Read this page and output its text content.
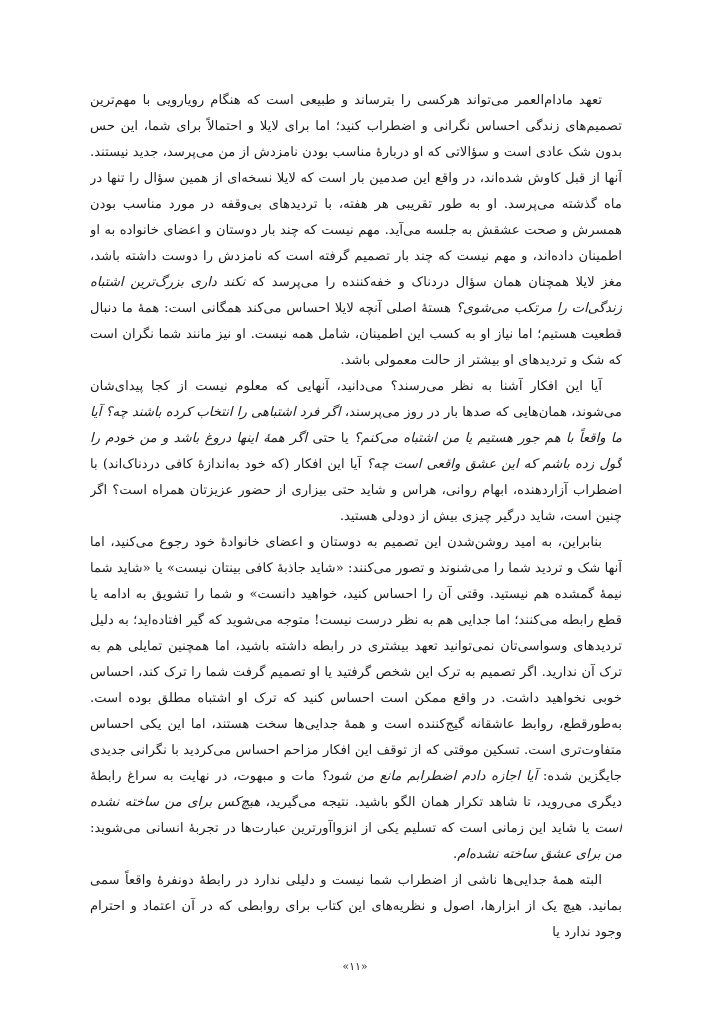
تعهد مادام‌العمر می‌تواند هرکسی را بترساند و طبیعی است که هنگام رویارویی با مهم‌ترین تصمیم‌های زندگی احساس نگرانی و اضطراب کنید؛ اما برای لایلا و احتمالاً برای شما، این حس بدون شک عادی است و سؤالاتی که او دربارهٔ مناسب بودن نامزدش از من می‌پرسد، جدید نیستند. آنها از قبل کاوش شده‌اند، در واقع این صدمین بار است که لایلا نسخه‌ای از همین سؤال را تنها در ماه گذشته می‌پرسد. او به طور تقریبی هر هفته، با تردیدهای بی‌وقفه در مورد مناسب بودن همسرش و صحت عشقش به جلسه می‌آید. مهم نیست که چند بار دوستان و اعضای خانواده به او اطمینان داده‌اند، و مهم نیست که چند بار تصمیم گرفته است که نامزدش را دوست داشته باشد، مغز لایلا همچنان همان سؤال دردناک و خفه‌کننده را می‌پرسد که نکند داری بزرگ‌ترین اشتباه زندگی‌ات را مرتکب می‌شوی؟ هستهٔ اصلی آنچه لایلا احساس می‌کند همگانی است: همهٔ ما دنبال قطعیت هستیم؛ اما نیاز او به کسب این اطمینان، شامل همه نیست. او نیز مانند شما نگران است که شک و تردیدهای او بیشتر از حالت معمولی باشد.

آیا این افکار آشنا به نظر می‌رسند؟ می‌دانید، آنهایی که معلوم نیست از کجا پیدای‌شان می‌شوند، همان‌هایی که صدها بار در روز می‌پرسند، اگر فرد اشتباهی را انتخاب کرده باشند چه؟ آیا ما واقعاً با هم جور هستیم یا من اشتباه می‌کنم؟ یا حتی اگر همهٔ اینها دروغ باشد و من خودم را گول زده باشم که این عشق واقعی است چه؟ آیا این افکار (که خود به‌اندازهٔ کافی دردناک‌اند) با اضطراب آزاردهنده، ابهام روانی، هراس و شاید حتی بیزاری از حضور عزیزتان همراه است؟ اگر چنین است، شاید درگیر چیزی بیش از دودلی هستید.

بنابراین، به امید روشن‌شدن این تصمیم به دوستان و اعضای خانوادهٔ خود رجوع می‌کنید، اما آنها شک و تردید شما را می‌شنوند و تصور می‌کنند: «شاید جاذبهٔ کافی بینتان نیست» یا «شاید شما نیمهٔ گمشده هم نیستید. وقتی آن را احساس کنید، خواهید دانست» و شما را تشویق به ادامه یا قطع رابطه می‌کنند؛ اما جدایی هم به نظر درست نیست! متوجه می‌شوید که گیر افتاده‌اید؛ به دلیل تردیدهای وسواسی‌تان نمی‌توانید تعهد بیشتری در رابطه داشته باشید، اما همچنین تمایلی هم به ترک آن ندارید. اگر تصمیم به ترک این شخص گرفتید یا او تصمیم گرفت شما را ترک کند، احساس خوبی نخواهید داشت. در واقع ممکن است احساس کنید که ترک او اشتباه مطلق بوده است. به‌طورقطع، روابط عاشقانه گیج‌کننده است و همهٔ جدایی‌ها سخت هستند، اما این یکی احساس متفاوت‌تری است. تسکین موقتی که از توقف این افکار مزاحم احساس می‌کردید با نگرانی جدیدی جایگزین شده: آیا اجازه دادم اضطرابم مانع من شود؟ مات و مبهوت، در نهایت به سراغ رابطهٔ دیگری می‌روید، تا شاهد تکرار همان الگو باشید. نتیجه می‌گیرید، هیچ‌کس برای من ساخته نشده است یا شاید این زمانی است که تسلیم یکی از انزواآورترین عبارت‌ها در تجربهٔ انسانی می‌شوید: من برای عشق ساخته نشده‌ام.

البته همهٔ جدایی‌ها ناشی از اضطراب شما نیست و دلیلی ندارد در رابطهٔ دونفرهٔ واقعاً سمی بمانید. هیچ یک از ابزارها، اصول و نظریه‌های این کتاب برای روابطی که در آن اعتماد و احترام وجود ندارد یا

«۱۱»
